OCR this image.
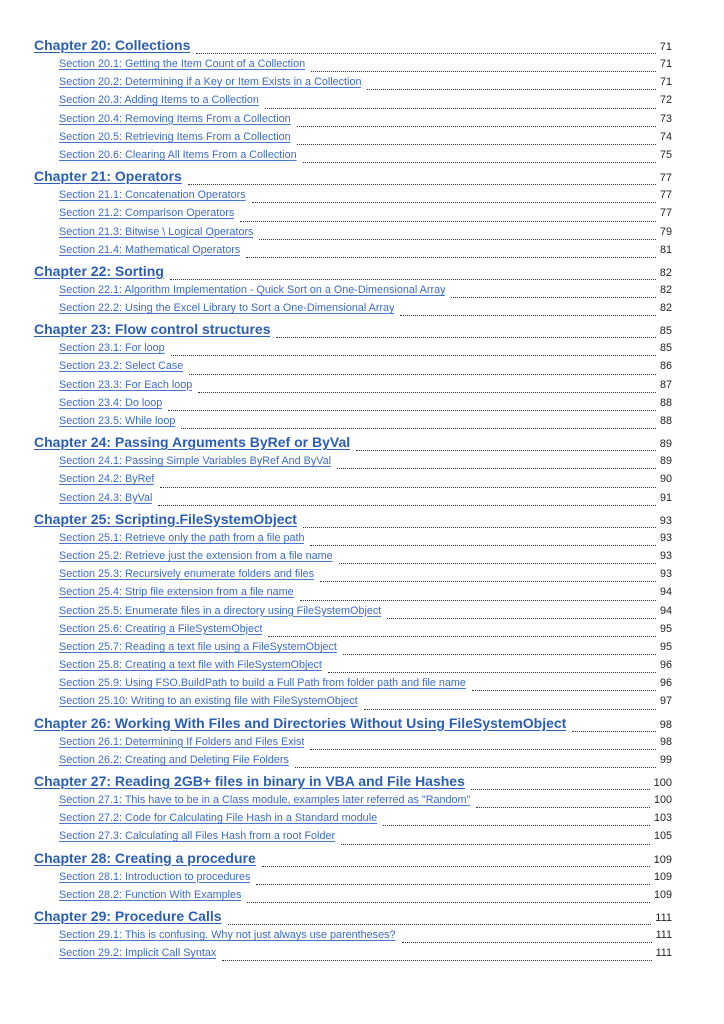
Chapter 20: Collections	71
Section 20.1: Getting the Item Count of a Collection	71
Section 20.2: Determining if a Key or Item Exists in a Collection	71
Section 20.3: Adding Items to a Collection	72
Section 20.4: Removing Items From a Collection	73
Section 20.5: Retrieving Items From a Collection	74
Section 20.6: Clearing All Items From a Collection	75
Chapter 21: Operators	77
Section 21.1: Concatenation Operators	77
Section 21.2: Comparison Operators	77
Section 21.3: Bitwise \ Logical Operators	79
Section 21.4: Mathematical Operators	81
Chapter 22: Sorting	82
Section 22.1: Algorithm Implementation - Quick Sort on a One-Dimensional Array	82
Section 22.2: Using the Excel Library to Sort a One-Dimensional Array	82
Chapter 23: Flow control structures	85
Section 23.1: For loop	85
Section 23.2: Select Case	86
Section 23.3: For Each loop	87
Section 23.4: Do loop	88
Section 23.5: While loop	88
Chapter 24: Passing Arguments ByRef or ByVal	89
Section 24.1: Passing Simple Variables ByRef And ByVal	89
Section 24.2: ByRef	90
Section 24.3: ByVal	91
Chapter 25: Scripting.FileSystemObject	93
Section 25.1: Retrieve only the path from a file path	93
Section 25.2: Retrieve just the extension from a file name	93
Section 25.3: Recursively enumerate folders and files	93
Section 25.4: Strip file extension from a file name	94
Section 25.5: Enumerate files in a directory using FileSystemObject	94
Section 25.6: Creating a FileSystemObject	95
Section 25.7: Reading a text file using a FileSystemObject	95
Section 25.8: Creating a text file with FileSystemObject	96
Section 25.9: Using FSO.BuildPath to build a Full Path from folder path and file name	96
Section 25.10: Writing to an existing file with FileSystemObject	97
Chapter 26: Working With Files and Directories Without Using FileSystemObject	98
Section 26.1: Determining If Folders and Files Exist	98
Section 26.2: Creating and Deleting File Folders	99
Chapter 27: Reading 2GB+ files in binary in VBA and File Hashes	100
Section 27.1: This have to be in a Class module, examples later referred as "Random"	100
Section 27.2: Code for Calculating File Hash in a Standard module	103
Section 27.3: Calculating all Files Hash from a root Folder	105
Chapter 28: Creating a procedure	109
Section 28.1: Introduction to procedures	109
Section 28.2: Function With Examples	109
Chapter 29: Procedure Calls	111
Section 29.1: This is confusing. Why not just always use parentheses?	111
Section 29.2: Implicit Call Syntax	111
